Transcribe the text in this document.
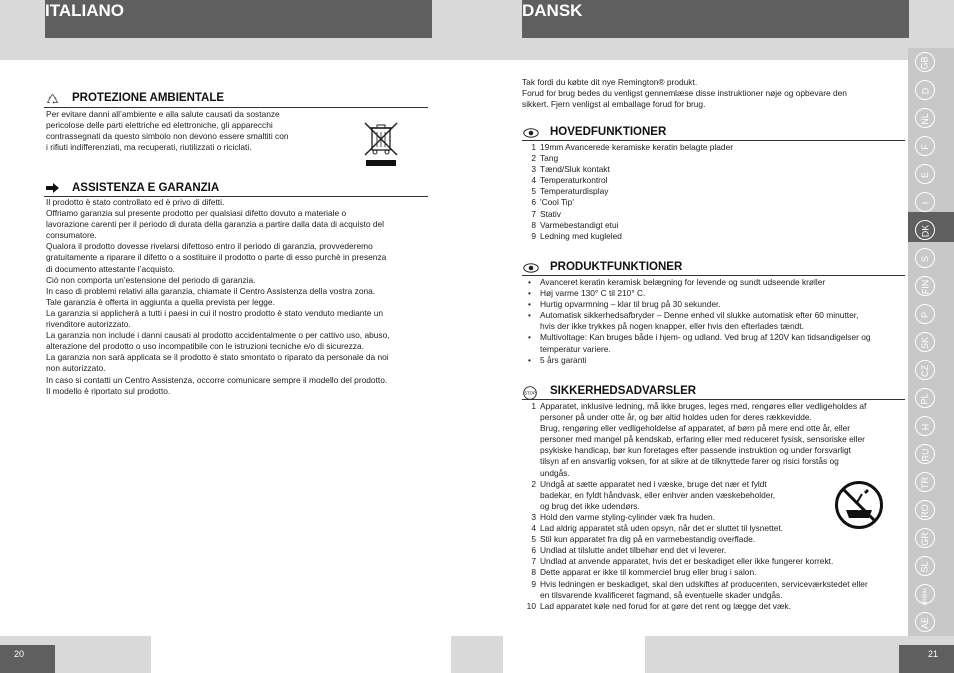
ITALIANO	DANSK
PROTEZIONE AMBIENTALE
Per evitare danni all’ambiente e alla salute causati da sostanze
pericolose delle parti elettriche ed elettroniche, gli apparecchi
contrassegnati da questo simbolo non devono essere smaltiti con
i rifiuti indifferenziati, ma recuperati, riutilizzati o riciclati.
ASSISTENZA E GARANZIA
Il prodotto è stato controllato ed è privo di difetti.
Offriamo garanzia sul presente prodotto per qualsiasi difetto dovuto a materiale o
lavorazione carenti per il periodo di durata della garanzia a partire dalla data di acquisto del
consumatore.
Qualora il prodotto dovesse rivelarsi difettoso entro il periodo di garanzia, provvederemo
gratuitamente a riparare il difetto o a sostituire il prodotto o parte di esso purchè in presenza
di documento attestante l’acquisto.
Ciò non comporta un’estensione del periodo di garanzia.
In caso di problemi relativi alla garanzia, chiamate il Centro Assistenza della vostra zona.
Tale garanzia è offerta in aggiunta a quella prevista per legge.
La garanzia si applicherà a tutti i paesi in cui il nostro prodotto è stato venduto mediante un
rivenditore autorizzato.
La garanzia non include i danni causati al prodotto accidentalmente o per cattivo uso, abuso,
alterazione del prodotto o uso incompatibile con le istruzioni tecniche e/o di sicurezza.
La garanzia non sarà applicata se il prodotto è stato smontato o riparato da personale da noi
non autorizzato.
In caso si contatti un Centro Assistenza, occorre comunicare sempre il modello del prodotto.
Il modello è riportato sul prodotto.
20
Tak fordi du købte dit nye Remington® produkt.
Forud for brug bedes du venligst gennemlæse disse instruktioner nøje og opbevare den
sikkert. Fjern venligst al emballage forud for brug.
HOVEDFUNKTIONER
1 19mm Avancerede keramiske keratin belagte plader
2 Tang
3 Tænd/Sluk kontakt
4 Temperaturkontrol
5 Temperaturdisplay
6 'Cool Tip'
7 Stativ
8 Varmebestandigt etui
9 Ledning med kugleled
PRODUKTFUNKTIONER
• Avanceret keratin keramisk belægning for levende og sundt udseende krøller
• Høj varme 130° C til 210° C.
• Hurtig opvarmning – klar til brug på 30 sekunder.
• Automatisk sikkerhedsafbryder – Denne enhed vil slukke automatisk efter 60 minutter,
hvis der ikke trykkes på nogen knapper, eller hvis den efterlades tændt.
• Multivoltage: Kan bruges både i hjem- og udland. Ved brug af 120V kan tidsandigelser og
temperatur variere.
• 5 års garanti
STOP SIKKERHEDSADVARSLER
1 Apparatet, inklusive ledning, må ikke bruges, leges med, rengøres eller vedligeholdes af
personer på under otte år, og bør altid holdes uden for deres rækkevidde.
Brug, rengøring eller vedligeholdelse af apparatet, af børn på mere end otte år, eller
personer med mangel på kendskab, erfaring eller med reduceret fysisk, sensoriske eller
psykiske handicap, bør kun foretages efter passende instruktion og under forsvarligt
tilsyn af en ansvarlig voksen, for at sikre at de tilknyttede farer og risici forstås og
undgås.
2 Undgå at sætte apparatet ned i væske, bruge det nær et fyldt
badekar, en fyldt håndvask, eller enhver anden væskebeholder,
og brug det ikke udendørs.
3 Hold den varme styling-cylinder væk fra huden.
4 Lad aldrig apparatet stå uden opsyn, når det er sluttet til lysnettet.
5 Stil kun apparatet fra dig på en varmebestandig overflade.
6 Undlad at tilslutte andet tilbehør end det vi leverer.
7 Undlad at anvende apparatet, hvis det er beskadiget eller ikke fungerer korrekt.
8 Dette apparat er ikke til kommerciel brug eller brug i salon.
9 Hvis ledningen er beskadiget, skal den udskiftes af producenten, serviceværkstedet eller
en tilsvarende kvalificeret fagmand, så eventuelle skader undgås.
10 Lad apparatet køle ned forud for at gøre det rent og lægge det væk.
21
GB
D
NL
F
E
I
DK
S
FIN
P
SK
CZ
PL
H
RU
TR
RO
GR
SL
HR/BIH
AE
